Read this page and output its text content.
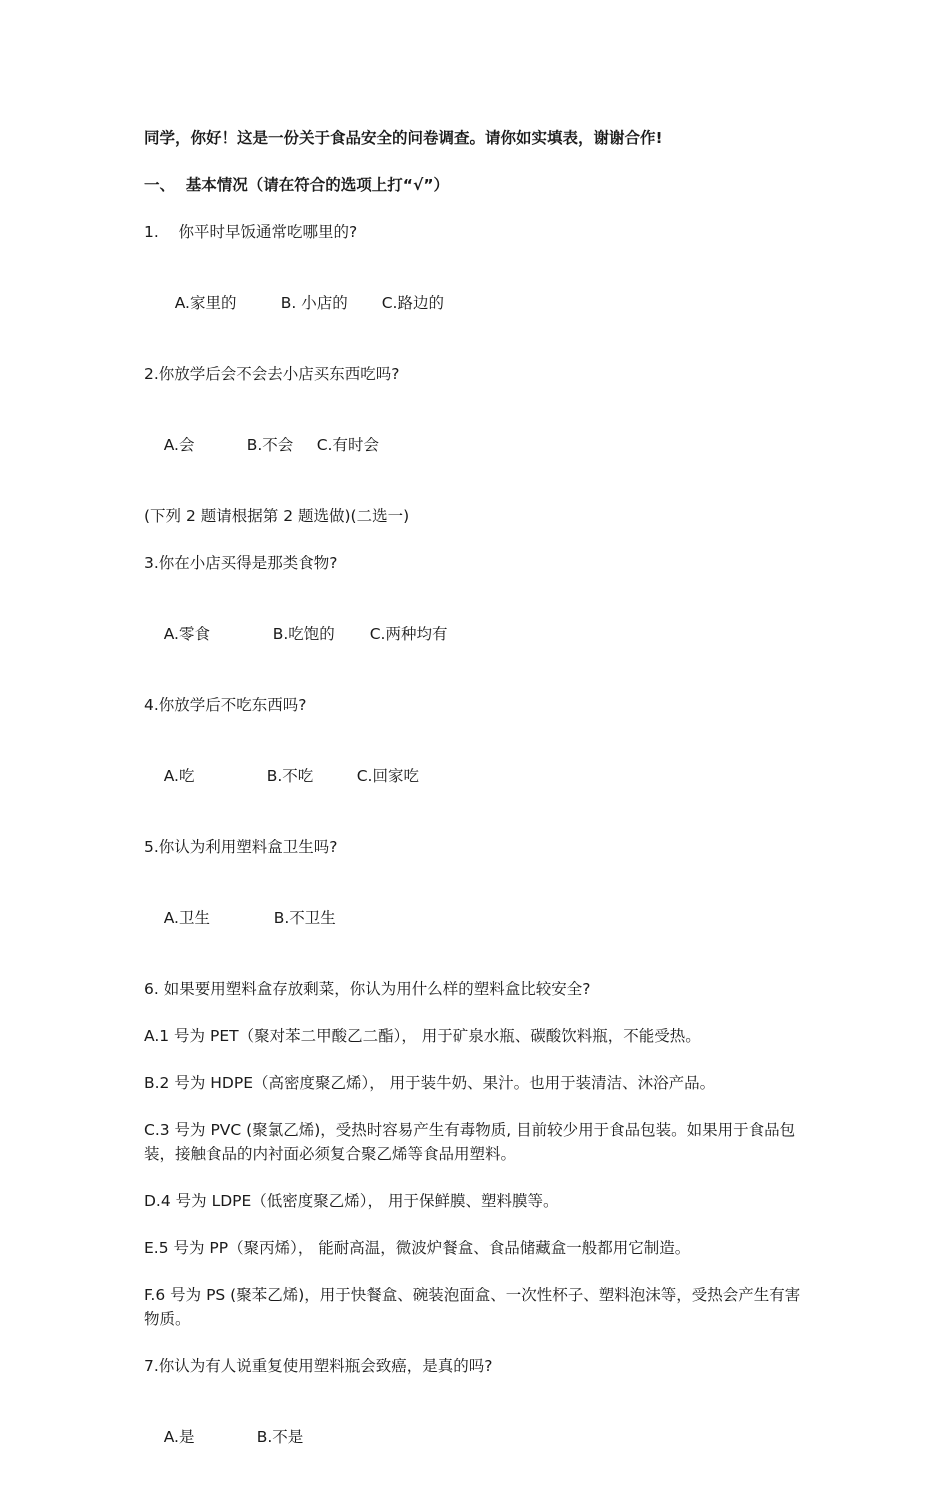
同学，你好！这是一份关于食品安全的问卷调查。请你如实填表，谢谢合作!
一、  基本情况（请在符合的选项上打“√”）
1.    你平时早饭通常吃哪里的?

A.家里的	B. 小店的 C.路边的

2.你放学后会不会去小店买东西吃吗?

A.会	B.不会 C.有时会

(下列 2 题请根据第 2 题选做)(二选一)
3.你在小店买得是那类食物?

A.零食	B.吃饱的 C.两种均有

4.你放学后不吃东西吗?

A.吃	B.不吃	C.回家吃

5.你认为利用塑料盒卫生吗?

A.卫生	B.不卫生

6. 如果要用塑料盒存放剩菜，你认为用什么样的塑料盒比较安全?
A.1 号为 PET（聚对苯二甲酸乙二酯）， 用于矿泉水瓶、碳酸饮料瓶，不能受热。
B.2 号为 HDPE（高密度聚乙烯）， 用于装牛奶、果汁。也用于装清洁、沐浴产品。
C.3 号为 PVC (聚氯乙烯)，受热时容易产生有毒物质, 目前较少用于食品包装。如果用于食品包装，接触食品的内衬面必须复合聚乙烯等食品用塑料。
D.4 号为 LDPE（低密度聚乙烯）， 用于保鲜膜、塑料膜等。
E.5 号为 PP（聚丙烯）， 能耐高温，微波炉餐盒、食品储藏盒一般都用它制造。
F.6 号为 PS (聚苯乙烯)，用于快餐盒、碗装泡面盒、一次性杯子、塑料泡沫等，受热会产生有害物质。
7.你认为有人说重复使用塑料瓶会致癌，是真的吗?

A.是	B.不是
